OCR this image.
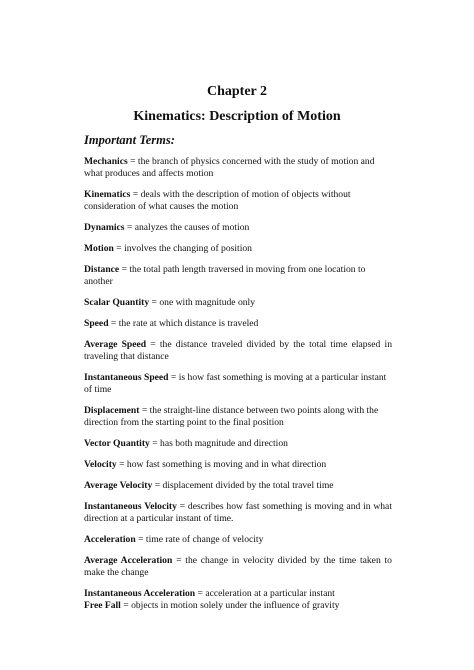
Chapter 2
Kinematics: Description of Motion
Important Terms:

Mechanics = the branch of physics concerned with the study of motion and what produces and affects motion

Kinematics = deals with the description of motion of objects without consideration of what causes the motion

Dynamics = analyzes the causes of motion

Motion = involves the changing of position

Distance = the total path length traversed in moving from one location to another

Scalar Quantity = one with magnitude only

Speed = the rate at which distance is traveled

Average Speed = the distance traveled divided by the total time elapsed in traveling that distance

Instantaneous Speed = is how fast something is moving at a particular instant of time

Displacement = the straight-line distance between two points along with the direction from the starting point to the final position

Vector Quantity = has both magnitude and direction

Velocity = how fast something is moving and in what direction

Average Velocity = displacement divided by the total travel time

Instantaneous Velocity = describes how fast something is moving and in what direction at a particular instant of time.

Acceleration = time rate of change of velocity

Average Acceleration = the change in velocity divided by the time taken to make the change

Instantaneous Acceleration = acceleration at a particular instant

Free Fall = objects in motion solely under the influence of gravity
